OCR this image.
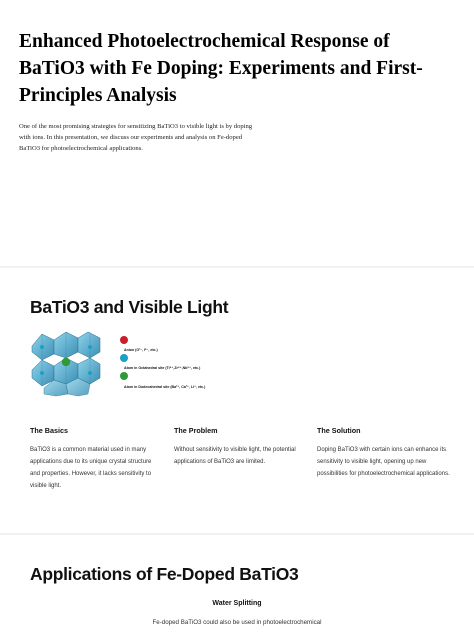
Enhanced Photoelectrochemical Response of BaTiO3 with Fe Doping: Experiments and First-Principles Analysis

One of the most promising strategies for sensitizing BaTiO3 to visible light is by doping with ions. In this presentation, we discuss our experiments and analysis on Fe-doped BaTiO3 for photoelectrochemical applications.

BaTiO3 and Visible Light
Anion (O²⁻, F⁻, etc.)
Atom in Octahedral site (Ti⁴⁺,Zr⁴⁺,Nb⁵⁺, etc.)
Atom in Dodecahedral site (Ba²⁺, Ca²⁺, Li⁺, etc.)

The Basics

BaTiO3 is a common material used in many applications due to its unique crystal structure and properties. However, it lacks sensitivity to visible light.

The Problem

Without sensitivity to visible light, the potential applications of BaTiO3 are limited.

The Solution

Doping BaTiO3 with certain ions can enhance its sensitivity to visible light, opening up new possibilities for photoelectrochemical applications.

Applications of Fe-Doped BaTiO3
Water Splitting
Fe-doped BaTiO3 could also be used in photoelectrochemical
